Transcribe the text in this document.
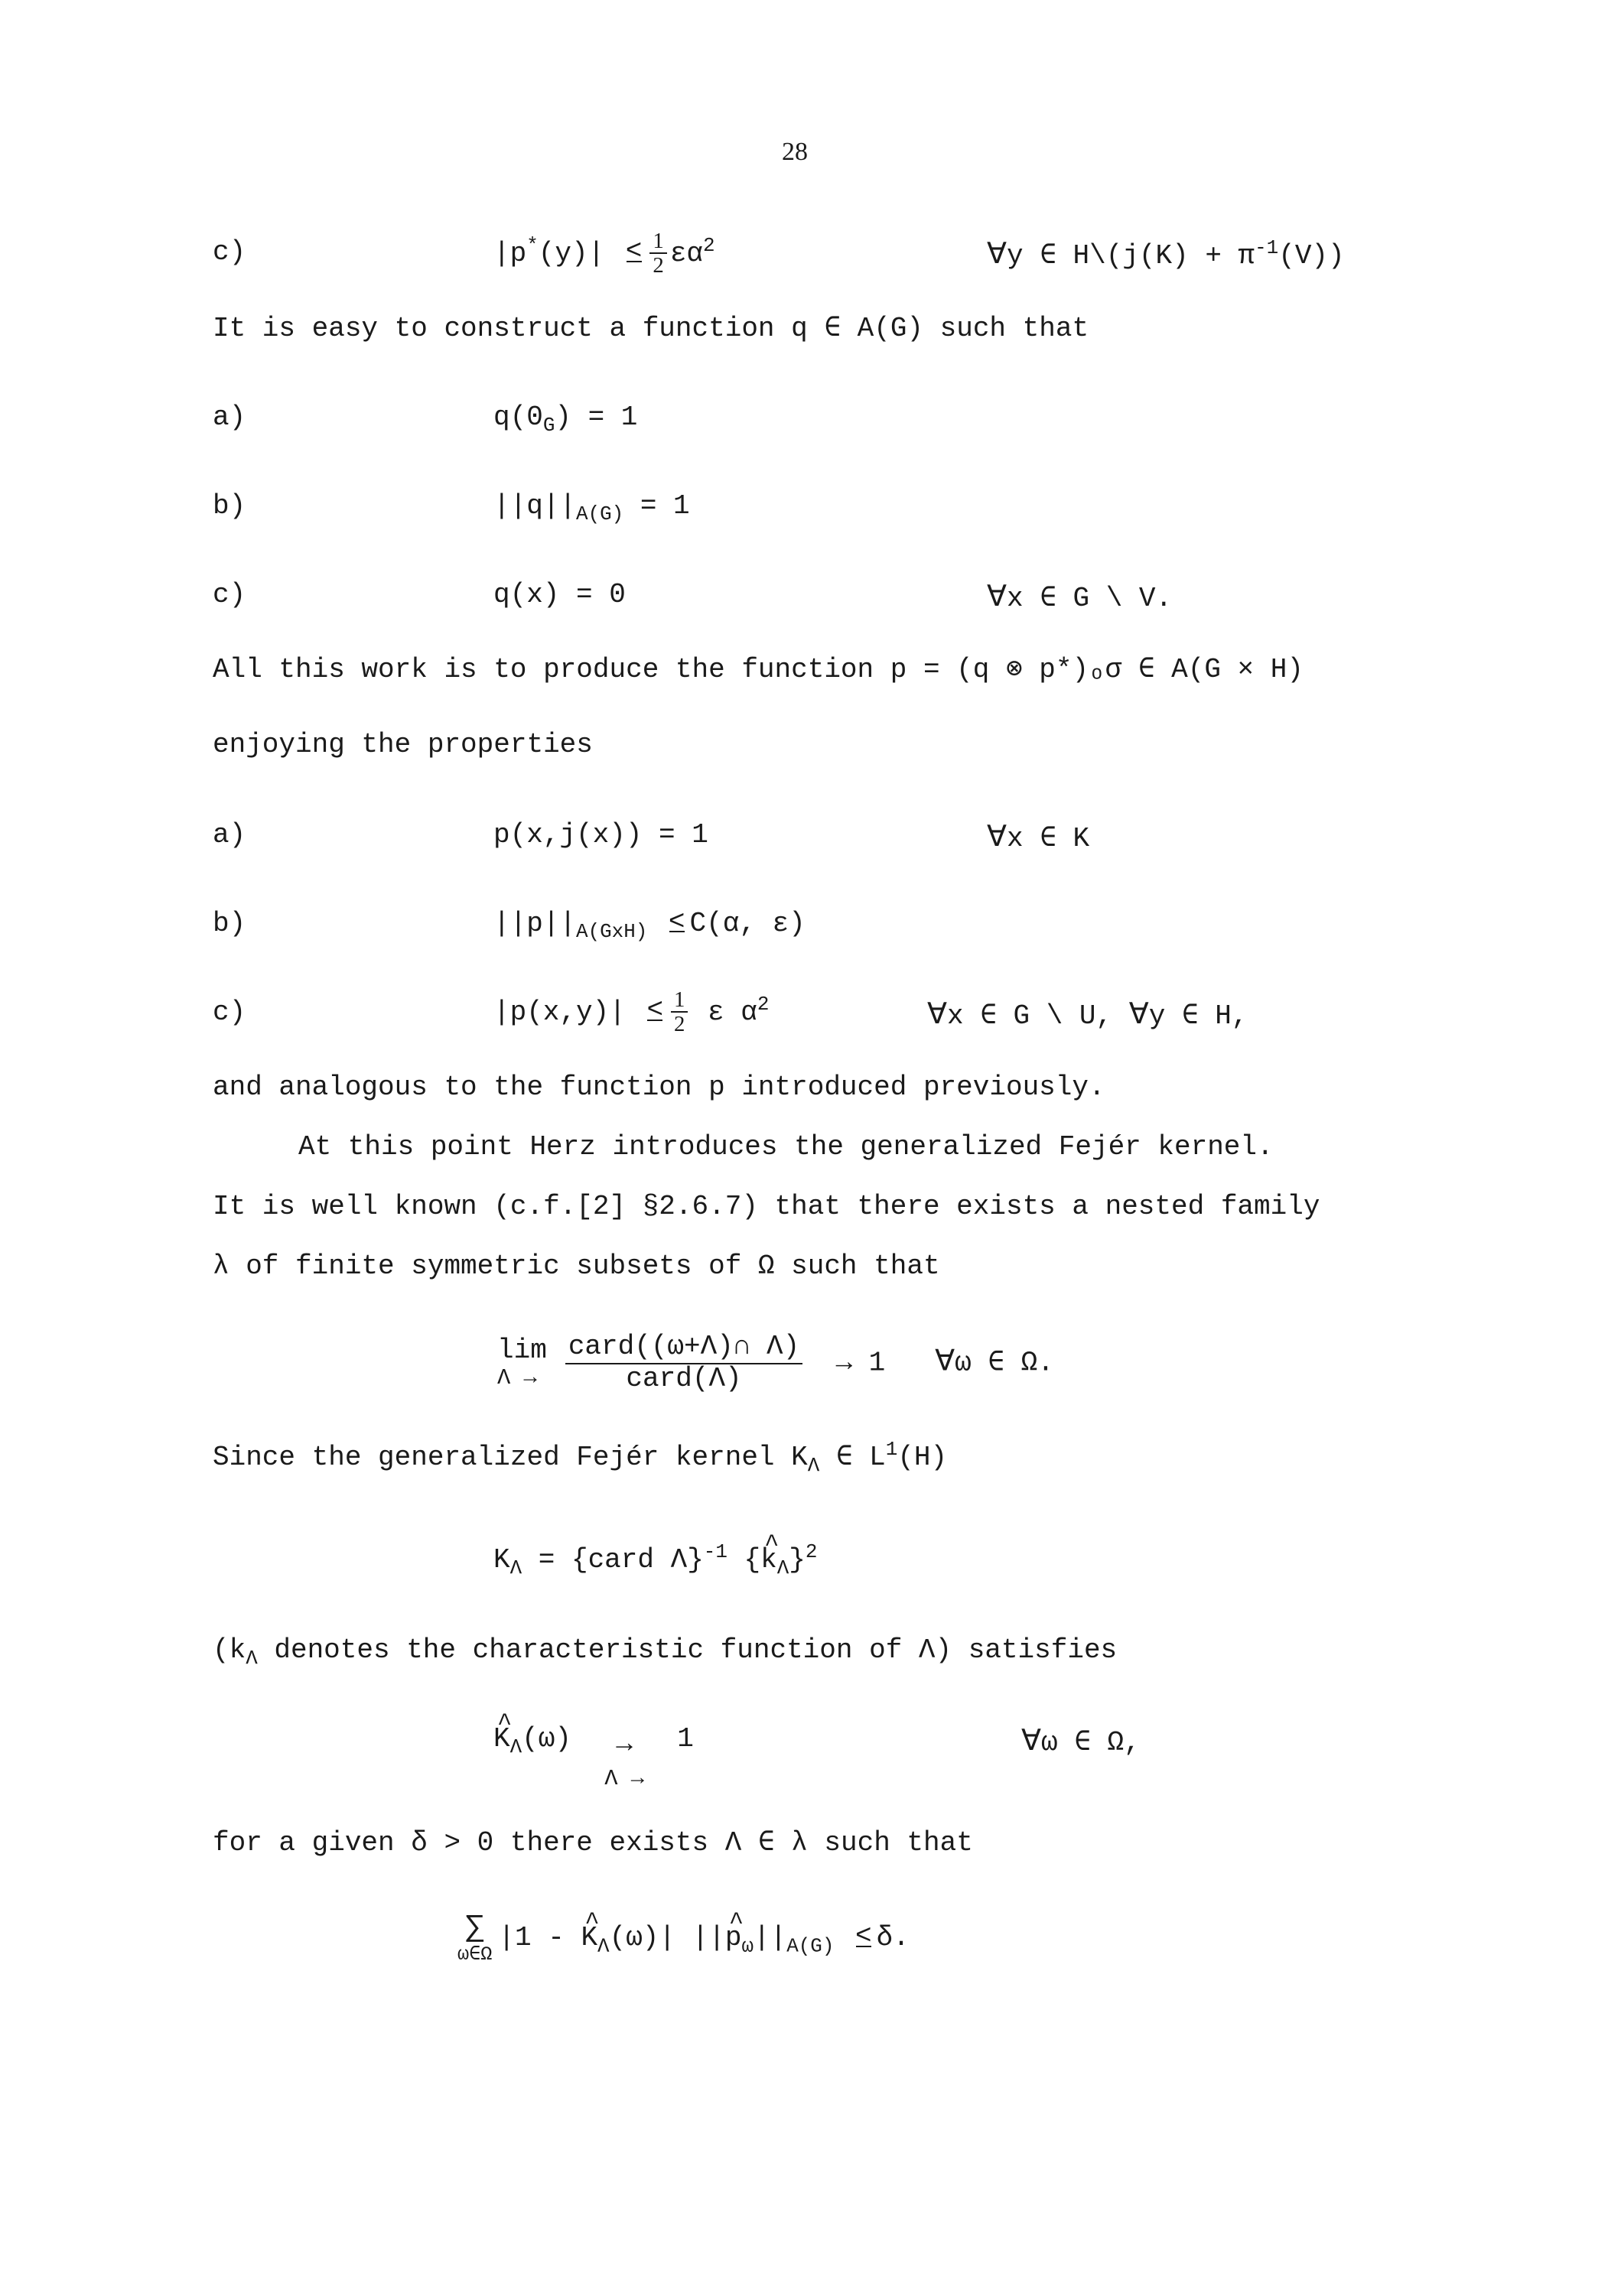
28
c)	$|p^*(y)| < \frac{1}{2} \varepsilon\alpha^2$	∀y ∈ H\(j(K) + $\pi^{-1}(V)$)
It is easy to construct a function q ∈ A(G) such that
a)	$q(0_G) = 1$
b)	$||q||_{A(G)} = 1$
c)	q(x) = 0	∀x ∈ G \ V.
All this work is to produce the function p = (q ⊗ p*)ₒσ ∈ A(G × H)
enjoying the properties
a)	p(x,j(x)) = 1	∀x ∈ K
b)	$||p||_{A(GxH)} < C(\alpha$, ε)
c)	$|p(x,y)| < \frac{1}{2}$ ε $\alpha^2$	∀x ∈ G \ U, ∀y ∈ H,
and analogous to the function p introduced previously.
At this point Herz introduces the generalized Fejér kernel.
It is well known (c.f.[2] §2.6.7) that there exists a nested family
λ of finite symmetric subsets of Ω such that
lim
$\Lambda \to \frac{\text{card((ω+Λ)∩ Λ)}}{\text{card(Λ)}} \to 1$   ∀ω ∈ Ω.
Since the generalized Fejér kernel $K_\Lambda$ ∈ $L^1(H)$
$K_\Lambda$ = {card Λ}$^{-1}$ {^ $k_\Lambda\}^2$
($k_\Lambda$ denotes the characteristic function of Λ) satisfies
^ $K_\Lambda(\omega)$ →
Λ →
1	∀ω ∈ Ω,
for a given δ > 0 there exists Λ ∈ λ such that
∑
ω∈Ω
|1 - ^ $K_\Lambda(\omega)|$ ||^ $p_\omega||_{A(G)} < \delta$.
